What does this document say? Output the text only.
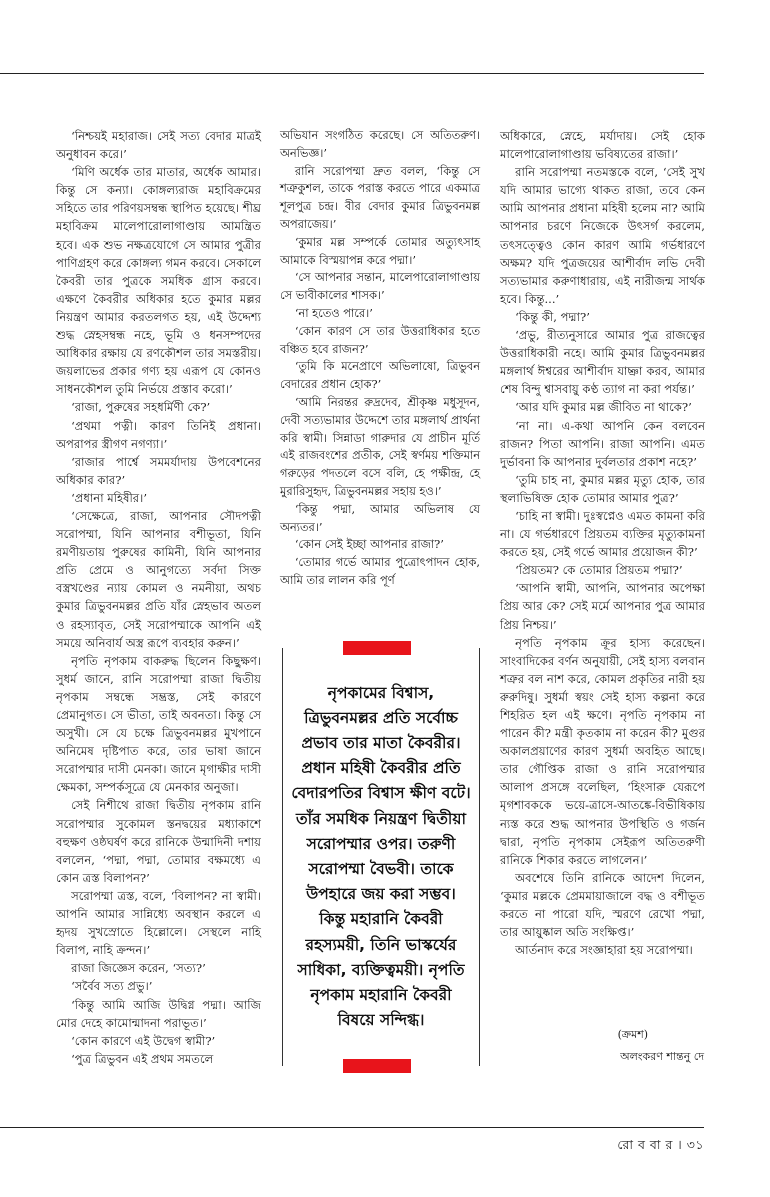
‘নিশ্চয়ই মহারাজ। সেই সত্য বেদার মাত্রই অনুধাবন করে।’

‘মিণি অর্ধেক তার মাতার, অর্ধেক আমার। কিন্তু সে কন্যা। কোঙ্গল্যরাজ মহাবিক্রমের সহিতে তার পরিণয়সম্বন্ধ স্থাপিত হয়েছে। শীঘ্র মহাবিক্রম মালেপারোলাগাণ্ডায় আমন্ত্রিত হবে। এক শুভ নক্ষত্রযোগে সে আমার পুত্রীর পাণিগ্রহণ করে কোঙ্গল্য গমন করবে। সেকালে কৈবরী তার পুত্রকে সমধিক গ্রাস করবে। এক্ষণে কৈবরীর অধিকার হতে কুমার মল্লর নিয়ন্ত্রণ আমার করতলগত হয়, এই উদ্দেশ্য শুদ্ধ স্নেহসম্বন্ধ নহে, ভূমি ও ধনসম্পদের আধিকার রক্ষায় যে রণকৌশল তার সমস্তরীয়। জয়লাভের প্রকার গণ্য হয় এরূপ যে কোনও সাধনকৌশল তুমি নির্ভয়ে প্রস্তাব করো।’

‘রাজা, পুরুষের সহধর্মিণী কে?’

‘প্রথমা পত্নী। কারণ তিনিই প্রধানা। অপরাপর স্ত্রীগণ নগণ্যা।’

‘রাজার পার্শ্বে সমমর্যাদায় উপবেশনের অধিকার কার?’

‘প্রধানা মহিষীর।’

‘সেক্ষেত্রে, রাজা, আপনার সৌদপত্নী সরোপম্মা, যিনি আপনার বশীভূতা, যিনি রমণীয়তায় পুরুষের কামিনী, যিনি আপনার প্রতি প্রেমে ও আনুগত্যে সর্বদা সিক্ত বস্ত্রখণ্ডের ন্যায় কোমল ও নমনীয়া, অথচ কুমার ত্রিভুবনমল্লর প্রতি যাঁর স্নেহভাব অতল ও রহস্যাবৃত, সেই সরোপম্মাকে আপনি এই সময়ে অনিবার্য অস্ত্র রূপে ব্যবহার করুন।’

নৃপতি নৃপকাম বাকরুদ্ধ ছিলেন কিছুক্ষণ। সুধর্ম জানে, রানি সরোপম্মা রাজা দ্বিতীয় নৃপকাম সম্বন্ধে সম্ভ্রস্ত, সেই কারণে প্রেমানুগত। সে ভীতা, তাই অবনতা। কিন্তু সে অসুখী। সে যে চক্ষে ত্রিভুবনমল্লর মুখপানে অনিমেষ দৃষ্টিপাত করে, তার ভাষা জানে সরোপম্মার দাসী মেনকা। জানে মৃগাক্ষীর দাসী ক্ষেমকা, সম্পর্কসূত্রে যে মেনকার অনুজা।

সেই নিশীথে রাজা দ্বিতীয় নৃপকাম রানি সরোপম্মার সুকোমল স্তনদ্বয়ের মধ্যাকাশে বহুক্ষণ ওষ্ঠঘর্ষণ করে রানিকে উন্মাদিনী দশায় বললেন, ‘পদ্মা, পদ্মা, তোমার বক্ষমধ্যে এ কোন ত্রস্ত বিলাপন?’

সরোপম্মা ত্রস্ত, বলে, ‘বিলাপন? না স্বামী। আপনি আমার সান্নিধ্যে অবস্থান করলে এ হৃদয় সুখস্রোতে হিল্লোলে। সেস্থলে নাহি বিলাপ, নাহি ক্রন্দন।’

রাজা জিজ্ঞেস করেন, ‘সত্য?’

‘সর্বৈব সত্য প্রভু।’

‘কিন্তু আমি আজি উদ্বিগ্ন পদ্মা। আজি মোর দেহে কামোন্মাদনা পরাভূত।’

‘কোন কারণে এই উদ্বেগ স্বামী?’

‘পুত্র ত্রিভুবন এই প্রথম সমতলে

অভিযান সংগঠিত করেছে। সে অতিতরুণ। অনভিজ্ঞ।’

রানি সরোপম্মা দ্রুত বলল, ‘কিন্তু সে শত্রুকুশল, তাকে পরাস্ত করতে পারে একমাত্র শূলপুত্র চন্দ্র। বীর বেদার কুমার ত্রিভুবনমল্ল অপরাজেয়।’

‘কুমার মল্ল সম্পর্কে তোমার অত্যুৎসাহ আমাকে বিস্ময়াপন্ন করে পদ্মা।’

‘সে আপনার সন্তান, মালেপারোলাগাণ্ডায় সে ভাবীকালের শাসক।’

‘না হতেও পারে।’

‘কোন কারণ সে তার উত্তরাধিকার হতে বঞ্চিত হবে রাজন?’

‘তুমি কি মনেপ্রাণে অভিলাষো, ত্রিভুবন বেদারের প্রধান হোক?’

‘আমি নিরন্তর রুদ্রদেব, শ্রীকৃষ্ণ মধুসূদন, দেবী সত্যভামার উদ্দেশে তার মঙ্গলার্থ প্রার্থনা করি স্বামী। সিন্নাডা গারুদার যে প্রাচীন মূর্তি এই রাজবংশের প্রতীক, সেই স্বর্ণময় শক্তিমান গরুড়ের পদতলে বসে বলি, হে পক্ষীন্দ্র, হে মুরারিসুহৃদ, ত্রিভুবনমল্লর সহায় হও।’

‘কিন্তু পদ্মা, আমার অভিলাষ যে অন্যতর।’

‘কোন সেই ইচ্ছা আপনার রাজা?’

‘তোমার গর্ভে আমার পুত্রোৎপাদন হোক, আমি তার লালন করি পূর্ণ

নৃপকামের বিশ্বাস, ত্রিভুবনমল্লর প্রতি সর্বোচ্চ প্রভাব তার মাতা কৈবরীর। প্রধান মহিষী কৈবরীর প্রতি বেদারপতির বিশ্বাস ক্ষীণ বটে। তাঁর সমধিক নিয়ন্ত্রণ দ্বিতীয়া সরোপম্মার ওপর। তরুণী সরোপম্মা বৈভবী। তাকে উপহারে জয় করা সম্ভব। কিন্তু মহারানি কৈবরী রহস্যময়ী, তিনি ভাস্কর্যের সাধিকা, ব্যক্তিত্বময়ী। নৃপতি নৃপকাম মহারানি কৈবরী বিষয়ে সন্দিগ্ধ।

অধিকারে, স্নেহে, মর্যাদায়। সেই হোক মালেপারোলাগাণ্ডায় ভবিষ্যতের রাজা।’

রানি সরোপম্মা নতমস্তকে বলে, ‘সেই সুখ যদি আমার ভাগ্যে থাকত রাজা, তবে কেন আমি আপনার প্রধানা মহিষী হলেম না? আমি আপনার চরণে নিজেকে উৎসর্গ করলেম, তৎসত্ত্বেও কোন কারণ আমি গর্ভধারণে অক্ষম? যদি পুত্রজয়ের আশীর্বাদ লভি দেবী সত্যভামার করুণাধারায়, এই নারীজন্ম সার্থক হবে। কিন্তু...’

‘কিন্তু কী, পদ্মা?’

‘প্রভু, রীত্যনুসারে আমার পুত্র রাজত্বের উত্তরাধিকারী নহে। আমি কুমার ত্রিভুবনমল্লর মঙ্গলার্থ ঈশ্বরের আশীর্বাদ যাচ্ঞা করব, আমার শেষ বিন্দু শ্বাসবায়ু কণ্ঠ ত্যাগ না করা পর্যন্ত।’

‘আর যদি কুমার মল্ল জীবিত না থাকে?’

‘না না। এ-কথা আপনি কেন বলবেন রাজন? পিতা আপনি। রাজা আপনি। এমত দুর্ভাবনা কি আপনার দুর্বলতার প্রকাশ নহে?’

‘তুমি চাহ না, কুমার মল্লর মৃত্যু হোক, তার স্থলাভিষিক্ত হোক তোমার আমার পুত্র?’

‘চাহি না স্বামী। দুঃস্বপ্নেও এমত কামনা করি না। যে গর্ভধারণে প্রিয়তম ব্যক্তির মৃত্যুকামনা করতে হয়, সেই গর্ভে আমার প্রয়োজন কী?’

‘প্রিয়তম? কে তোমার প্রিয়তম পদ্মা?’

‘আপনি স্বামী, আপনি, আপনার অপেক্ষা প্রিয় আর কে? সেই মর্মে আপনার পুত্র আমার প্রিয় নিশ্চয়।’

নৃপতি নৃপকাম ক্রূর হাস্য করেছেন। সাংবাদিকের বর্ণন অনুযায়ী, সেই হাস্য বলবান শত্রুর বল নাশ করে, কোমল প্রকৃতির নারী হয় রুরুদিষু। সুধর্মা স্বয়ং সেই হাস্য কল্পনা করে শিহরিত হল এই ক্ষণে। নৃপতি নৃপকাম না পারেন কী? মন্ত্রী কৃতকাম না করেন কী? মুগুর অকালপ্রয়াণের কারণ সুধর্মা অবহিত আছে। তার গৌপ্তিক রাজা ও রানি সরোপম্মার আলাপ প্রসঙ্গে বলেছিল, ‘হিংসারু যেরূপে মৃগশাবককে ভয়ে-ত্রাসে-আতঙ্কে-বিভীষিকায় ন্যস্ত করে শুদ্ধ আপনার উপস্থিতি ও গর্জন দ্বারা, নৃপতি নৃপকাম সেইরূপ অতিতরুণী রানিকে শিকার করতে লাগলেন।’

অবশেষে তিনি রানিকে আদেশ দিলেন, ‘কুমার মল্লকে প্রেমমায়াজালে বদ্ধ ও বশীভূত করতে না পারো যদি, স্মরণে রেখো পদ্মা, তার আয়ুষ্কাল অতি সংক্ষিপ্ত।’

আর্তনাদ করে সংজ্ঞাহারা হয় সরোপম্মা।

(ক্রমশ)
অলংকরণ শান্তনু দে
রো ব বা র । ৩১
